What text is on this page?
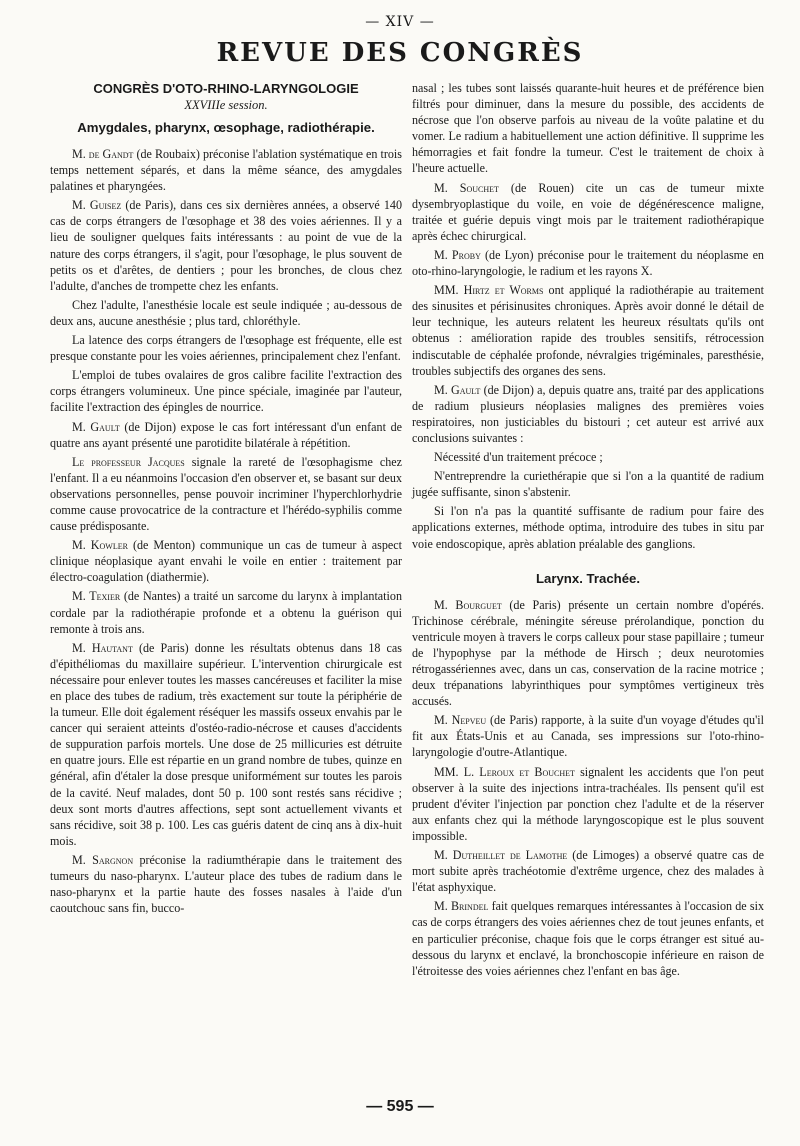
— XIV —
REVUE DES CONGRÈS
CONGRÈS D'OTO-RHINO-LARYNGOLOGIE
XXVIIIe session.
Amygdales, pharynx, œsophage, radiothérapie.

M. de Gandt (de Roubaix) préconise l'ablation systématique en trois temps nettement séparés, et dans la même séance, des amygdales palatines et pharyngées.

M. Guisez (de Paris), dans ces six dernières années, a observé 140 cas de corps étrangers de l'œsophage et 38 des voies aériennes. Il y a lieu de souligner quelques faits intéressants : au point de vue de la nature des corps étrangers, il s'agit, pour l'œsophage, le plus souvent de petits os et d'arêtes, de dentiers ; pour les bronches, de clous chez l'adulte, d'anches de trompette chez les enfants.

Chez l'adulte, l'anesthésie locale est seule indiquée ; au-dessous de deux ans, aucune anesthésie ; plus tard, chloréthyle.

La latence des corps étrangers de l'œsophage est fréquente, elle est presque constante pour les voies aériennes, principalement chez l'enfant.

L'emploi de tubes ovalaires de gros calibre facilite l'extraction des corps étrangers volumineux. Une pince spéciale, imaginée par l'auteur, facilite l'extraction des épingles de nourrice.

M. Gault (de Dijon) expose le cas fort intéressant d'un enfant de quatre ans ayant présenté une parotidite bilatérale à répétition.

Le professeur Jacques signale la rareté de l'œsophagisme chez l'enfant. Il a eu néanmoins l'occasion d'en observer et, se basant sur deux observations personnelles, pense pouvoir incriminer l'hyperchlorhydrie comme cause provocatrice de la contracture et l'hérédo-syphilis comme cause prédisposante.

M. Kowler (de Menton) communique un cas de tumeur à aspect clinique néoplasique ayant envahi le voile en entier : traitement par électro-coagulation (diathermie).

M. Texier (de Nantes) a traité un sarcome du larynx à implantation cordale par la radiothérapie profonde et a obtenu la guérison qui remonte à trois ans.

M. Hautant (de Paris) donne les résultats obtenus dans 18 cas d'épithéliomas du maxillaire supérieur. L'intervention chirurgicale est nécessaire pour enlever toutes les masses cancéreuses et faciliter la mise en place des tubes de radium, très exactement sur toute la périphérie de la tumeur. Elle doit également réséquer les massifs osseux envahis par le cancer qui seraient atteints d'ostéo-radio-nécrose et causes d'accidents de suppuration parfois mortels. Une dose de 25 millicuries est détruite en quatre jours. Elle est répartie en un grand nombre de tubes, quinze en général, afin d'étaler la dose presque uniformément sur toutes les parois de la cavité. Neuf malades, dont 50 p. 100 sont restés sans récidive ; deux sont morts d'autres affections, sept sont actuellement vivants et sans récidive, soit 38 p. 100. Les cas guéris datent de cinq ans à dix-huit mois.

M. Sargnon préconise la radiumthérapie dans le traitement des tumeurs du naso-pharynx. L'auteur place des tubes de radium dans le naso-pharynx et la partie haute des fosses nasales à l'aide d'un caoutchouc sans fin, bucco-

nasal ; les tubes sont laissés quarante-huit heures et de préférence bien filtrés pour diminuer, dans la mesure du possible, des accidents de nécrose que l'on observe parfois au niveau de la voûte palatine et du vomer. Le radium a habituellement une action définitive. Il supprime les hémorragies et fait fondre la tumeur. C'est le traitement de choix à l'heure actuelle.

M. Souchet (de Rouen) cite un cas de tumeur mixte dysembryoplastique du voile, en voie de dégénérescence maligne, traitée et guérie depuis vingt mois par le traitement radiothérapique après échec chirurgical.

M. Proby (de Lyon) préconise pour le traitement du néoplasme en oto-rhino-laryngologie, le radium et les rayons X.

MM. Hirtz et Worms ont appliqué la radiothérapie au traitement des sinusites et périsinusites chroniques. Après avoir donné le détail de leur technique, les auteurs relatent les heureux résultats qu'ils ont obtenus : amélioration rapide des troubles sensitifs, rétrocession indiscutable de céphalée profonde, névralgies trigéminales, paresthésie, troubles subjectifs des organes des sens.

M. Gault (de Dijon) a, depuis quatre ans, traité par des applications de radium plusieurs néoplasies malignes des premières voies respiratoires, non justiciables du bistouri ; cet auteur est arrivé aux conclusions suivantes :

Nécessité d'un traitement précoce ;

N'entreprendre la curiethérapie que si l'on a la quantité de radium jugée suffisante, sinon s'abstenir.

Si l'on n'a pas la quantité suffisante de radium pour faire des applications externes, méthode optima, introduire des tubes in situ par voie endoscopique, après ablation préalable des ganglions.

Larynx. Trachée.

M. Bourguet (de Paris) présente un certain nombre d'opérés. Trichinose cérébrale, méningite séreuse prérolandique, ponction du ventricule moyen à travers le corps calleux pour stase papillaire ; tumeur de l'hypophyse par la méthode de Hirsch ; deux neurotomies rétrogassériennes avec, dans un cas, conservation de la racine motrice ; deux trépanations labyrinthiques pour symptômes vertigineux très accusés.

M. Nepveu (de Paris) rapporte, à la suite d'un voyage d'études qu'il fit aux États-Unis et au Canada, ses impressions sur l'oto-rhino-laryngologie d'outre-Atlantique.

MM. L. Leroux et Bouchet signalent les accidents que l'on peut observer à la suite des injections intra-trachéales. Ils pensent qu'il est prudent d'éviter l'injection par ponction chez l'adulte et de la réserver aux enfants chez qui la méthode laryngoscopique est le plus souvent impossible.

M. Dutheillet de Lamothe (de Limoges) a observé quatre cas de mort subite après trachéotomie d'extrême urgence, chez des malades à l'état asphyxique.

M. Brindel fait quelques remarques intéressantes à l'occasion de six cas de corps étrangers des voies aériennes chez de tout jeunes enfants, et en particulier préconise, chaque fois que le corps étranger est situé au-dessous du larynx et enclavé, la bronchoscopie inférieure en raison de l'étroitesse des voies aériennes chez l'enfant en bas âge.

— 595 —
